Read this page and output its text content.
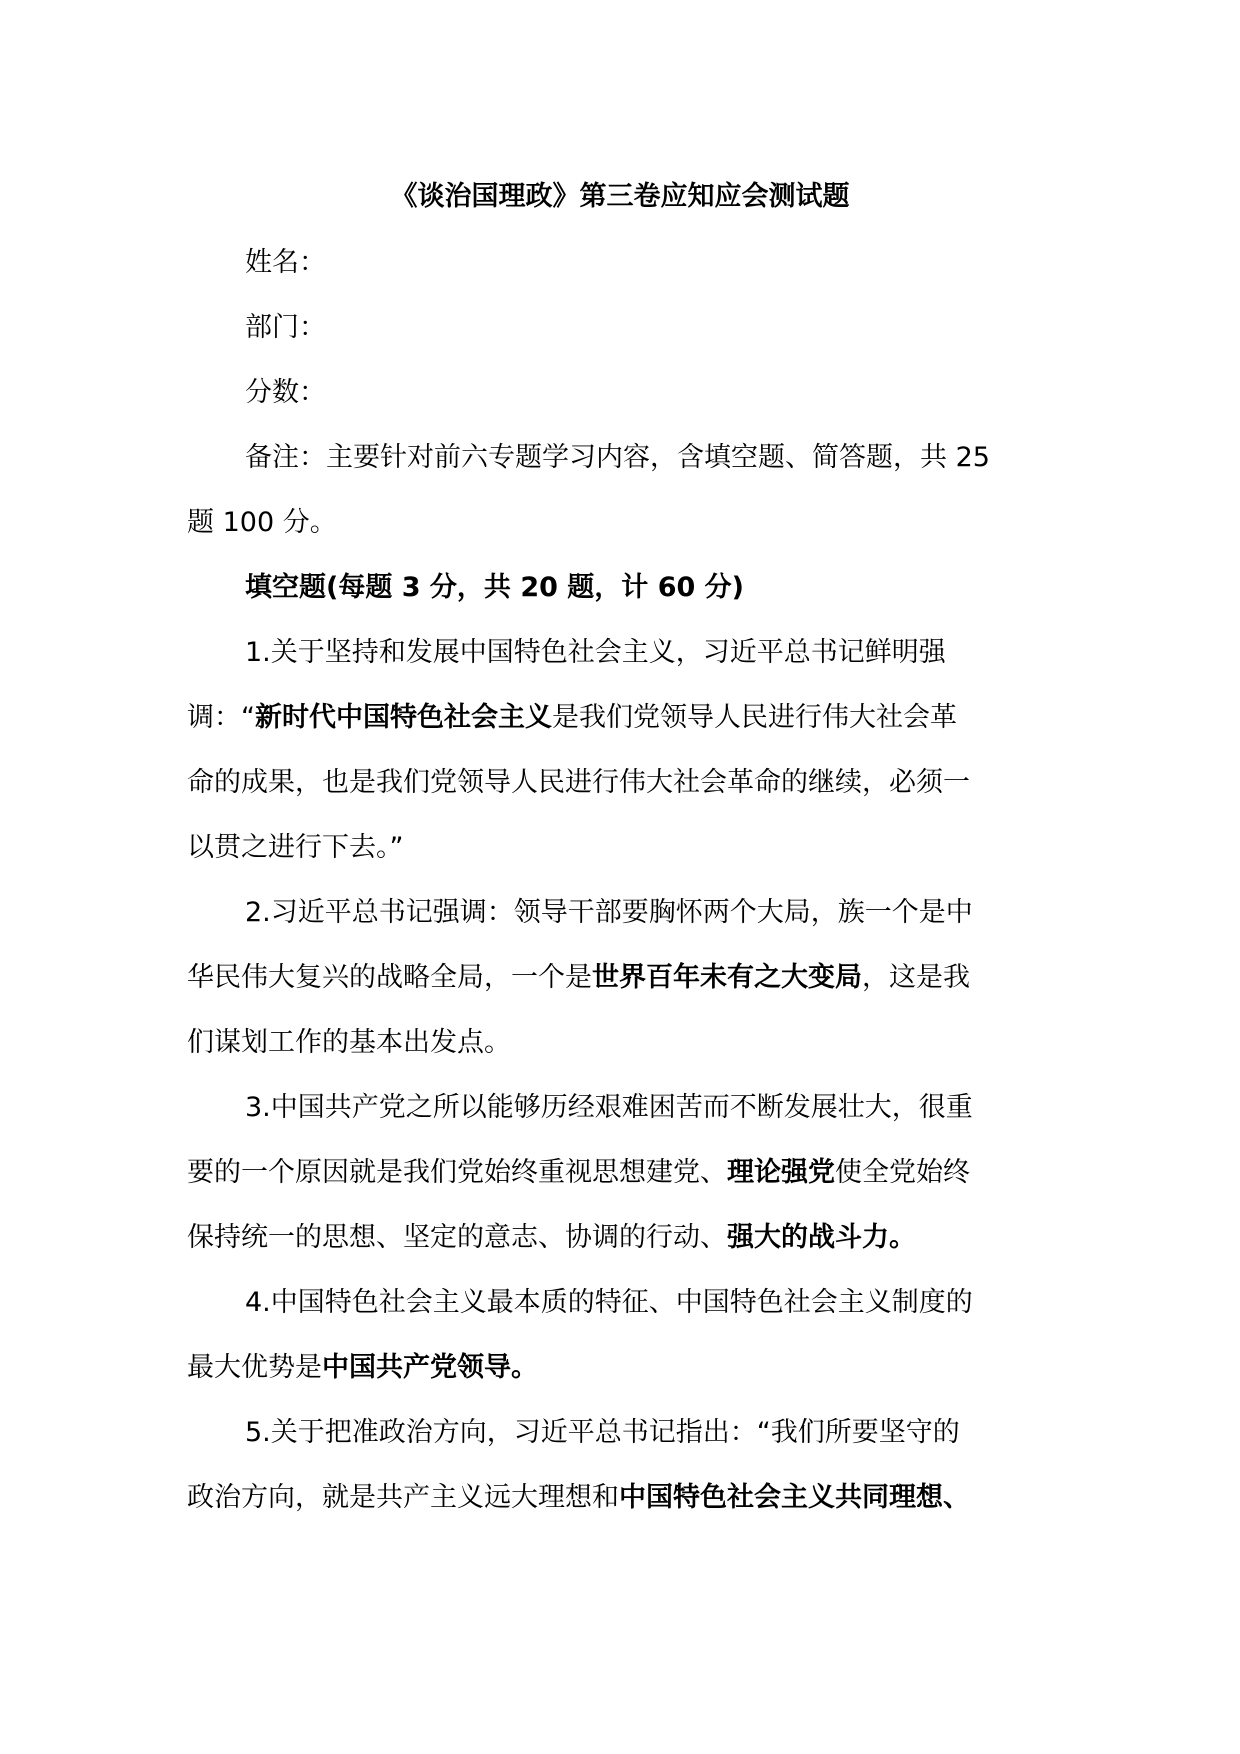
《谈治国理政》第三卷应知应会测试题

姓名：

部门：

分数：

备注：主要针对前六专题学习内容，含填空题、简答题，共 25

题 100 分。

填空题(每题 3 分，共 20 题，计 60 分)

1.关于坚持和发展中国特色社会主义，习近平总书记鲜明强

调：“新时代中国特色社会主义是我们党领导人民进行伟大社会革

命的成果，也是我们党领导人民进行伟大社会革命的继续，必须一

以贯之进行下去。”

2.习近平总书记强调：领导干部要胸怀两个大局，族一个是中

华民伟大复兴的战略全局，一个是世界百年未有之大变局，这是我

们谋划工作的基本出发点。

3.中国共产党之所以能够历经艰难困苦而不断发展壮大，很重

要的一个原因就是我们党始终重视思想建党、理论强党使全党始终

保持统一的思想、坚定的意志、协调的行动、强大的战斗力。

4.中国特色社会主义最本质的特征、中国特色社会主义制度的

最大优势是中国共产党领导。

5.关于把准政治方向，习近平总书记指出：“我们所要坚守的

政治方向，就是共产主义远大理想和中国特色社会主义共同理想、
